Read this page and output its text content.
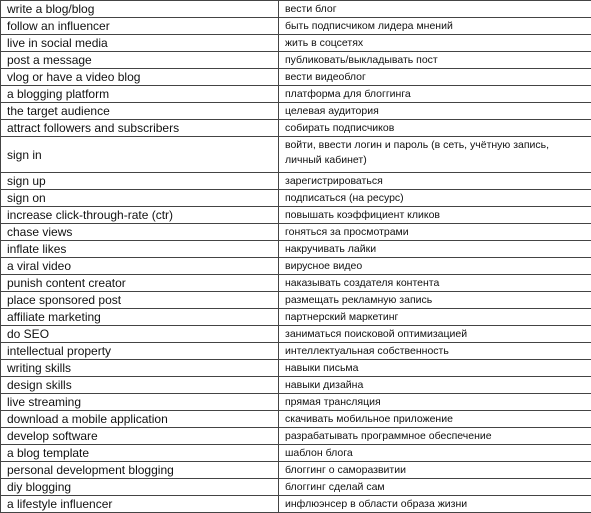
write a blog/blog	вести блог
follow an influencer	быть подписчиком лидера мнений
live in social media	жить в соцсетях
post a message	публиковать/выкладывать пост
vlog or have a video blog	вести видеоблог
a blogging platform	платформа для блоггинга
the target audience	целевая аудитория
attract followers and subscribers	собирать подписчиков
sign in	войти, ввести логин и пароль (в сеть, учётную запись, личный кабинет)
sign up	зарегистрироваться
sign on	подписаться (на ресурс)
increase click-through-rate (ctr)	повышать коэффициент кликов
chase views	гоняться за просмотрами
inflate likes	накручивать лайки
a viral video	вирусное видео
punish content creator	наказывать создателя контента
place sponsored post	размещать рекламную запись
affiliate marketing	партнерский маркетинг
do SEO	заниматься поисковой оптимизацией
intellectual property	интеллектуальная собственность
writing skills	навыки письма
design skills	навыки дизайна
live streaming	прямая трансляция
download a mobile application	скачивать мобильное приложение
develop software	разрабатывать программное обеспечение
a blog template	шаблон блога
personal development blogging	блоггинг о саморазвитии
diy blogging	блоггинг сделай сам
a lifestyle influencer	инфлюэнсер в области образа жизни
